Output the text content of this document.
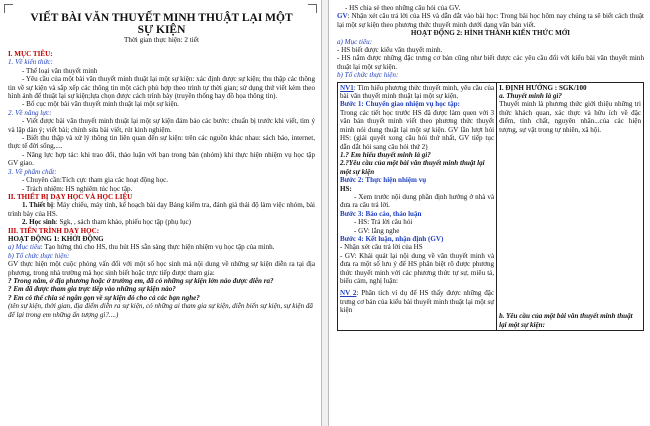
VIẾT BÀI VĂN THUYẾT MINH THUẬT LẠI MỘT
SỰ KIỆN
Thời gian thực hiện: 2 tiết
I. MỤC TIÊU:
1. Về kiến thức:
- Thể loại văn thuyết minh
- Yêu cầu của một bài văn thuyết minh thuật lại một sự kiện: xác định được sự kiện; thu thập các thông tin về sự kiện và sắp xếp các thông tin một cách phù hợp theo trình tự thời gian; sử dụng thứ viết kèm theo hình ảnh để thuật lại sự kiện;lựa chọn được cách trình bày (truyền thống hay đồ họa thông tin).
- Bố cục một bài văn thuyết minh thuật lại một sự kiện.
2. Về năng lực:
- Viết được bài văn thuyết minh thuật lại một sự kiện đảm bảo các bước: chuẩn bị trước khi viết, tìm ý và lập dàn ý; viết bài; chỉnh sửa bài viết, rút kinh nghiệm.
- Biết thu thập và xử lý thông tin liên quan đến sự kiện: trên các nguồn khác nhau: sách báo, internet, thực tế đời sống,....
- Năng lực hợp tác: khi trao đổi, thảo luận với bạn trong bàn (nhóm) khi thực hiện nhiệm vụ học tập GV giao.
3. Về phẩm chất:
- Chuyên cần:Tích cực tham gia các hoạt động học.
- Trách nhiệm: HS nghiêm túc học tập.
II. THIẾT BỊ DẠY HỌC VÀ HỌC LIỆU
1. Thiết bị: Máy chiếu, máy tính, kế hoạch bài dạy Bảng kiểm tra, đánh giá thái độ làm việc nhóm, bài trình bày của HS.
2. Học sinh: Sgk, , sách tham khảo, phiếu học tập (phụ lục)
III. TIẾN TRÌNH DẠY HỌC:
HOẠT ĐỘNG 1: KHỞI ĐỘNG
a) Mục tiêu: Tạo hứng thú cho HS, thu hút HS sẵn sàng thực hiện nhiệm vụ học tập của mình.
b) Tổ chức thực hiện:
GV thực hiện một cuộc phỏng vấn đối với một số học sinh mà nội dung về những sự kiện diễn ra tại địa phương, trong nhà trường mà học sinh biết hoặc trực tiếp được tham gia:
? Trong năm, ở địa phương hoặc ở trường em, đã có những sự kiện lớn nào được diễn ra?
? Em đã được tham gia trực tiếp vào những sự kiện nào?
? Em có thể chia sẻ ngắn gọn về sự kiện đó cho cả các bạn nghe?
(tên sự kiện, thời gian, địa điểm diễn ra sự kiện, có những ai tham gia sự kiện, diễn biến sự kiện, sự kiện đã để lại trong em những ấn tượng gì?....)
- HS chia sẻ theo những câu hỏi của GV.
GV: Nhận xét câu trả lời của HS và dẫn dắt vào bài học: Trong bài học hôm nay chúng ta sẽ biết cách thuật lại một sự kiện theo phương thức thuyết minh dưới dạng văn bản viết.
HOẠT ĐỘNG 2: HÌNH THÀNH KIẾN THỨC MỚI
a) Mục tiêu:
- HS biết được kiểu văn thuyết minh.
- HS nắm được những đặc trưng cơ bản cũng như biết được các yêu cầu đối với kiểu bài văn thuyết minh thuật lại một sự kiện.
b) Tổ chức thực hiện:
NV1: Tìm hiểu phương thức thuyết minh, yêu cầu của bài văn thuyết minh thuật lại một sự kiện.
Bước 1: Chuyển giao nhiệm vụ học tập:
Trong các tiết học trước HS đã được làm quen với 3 văn bản thuyết minh viết theo phương thức thuyết minh nói dung thuật lại một sự kiện. GV lần lượt hỏi HS: (giải quyết xong câu hỏi thứ nhất, GV tiếp tục dẫn dắt hỏi sang câu hỏi thứ 2)
1.? Em hiểu thuyết minh là gì?
2.?Yêu cầu của một bài văn thuyết minh thuật lại một sự kiện
Bước 2: Thực hiện nhiệm vụ
HS:
- Xem trước nội dung phần định hướng ở nhà và đưa ra câu trả lời.
Bước 3: Báo cáo, thảo luận
- HS: Trả lời câu hỏi
- GV: lắng nghe
Bước 4: Kết luận, nhận định (GV)
- Nhận xét câu trả lời của HS
- GV: Khái quát lại nội dung về văn thuyết minh và đưa ra một số lưu ý để HS phân biệt rõ được phương thức thuyết minh với các phương thức tự sự, miêu tả, biểu cảm, nghị luận:
NV 2: Phân tích ví dụ để HS thấy được những đặc trưng cơ bản của kiểu bài thuyết minh thuật lại một sự kiện

I. ĐỊNH HƯỚNG : SGK/100
a. Thuyết minh là gì?
Thuyết minh là phương thức giới thiệu những tri thức khách quan, xác thực và hữu ích về đặc điểm, tính chất, nguyên nhân...của các hiện tượng, sự vật trong tự nhiên, xã hội.
b. Yêu cầu của một bài văn thuyết minh thuật lại một sự kiện:
